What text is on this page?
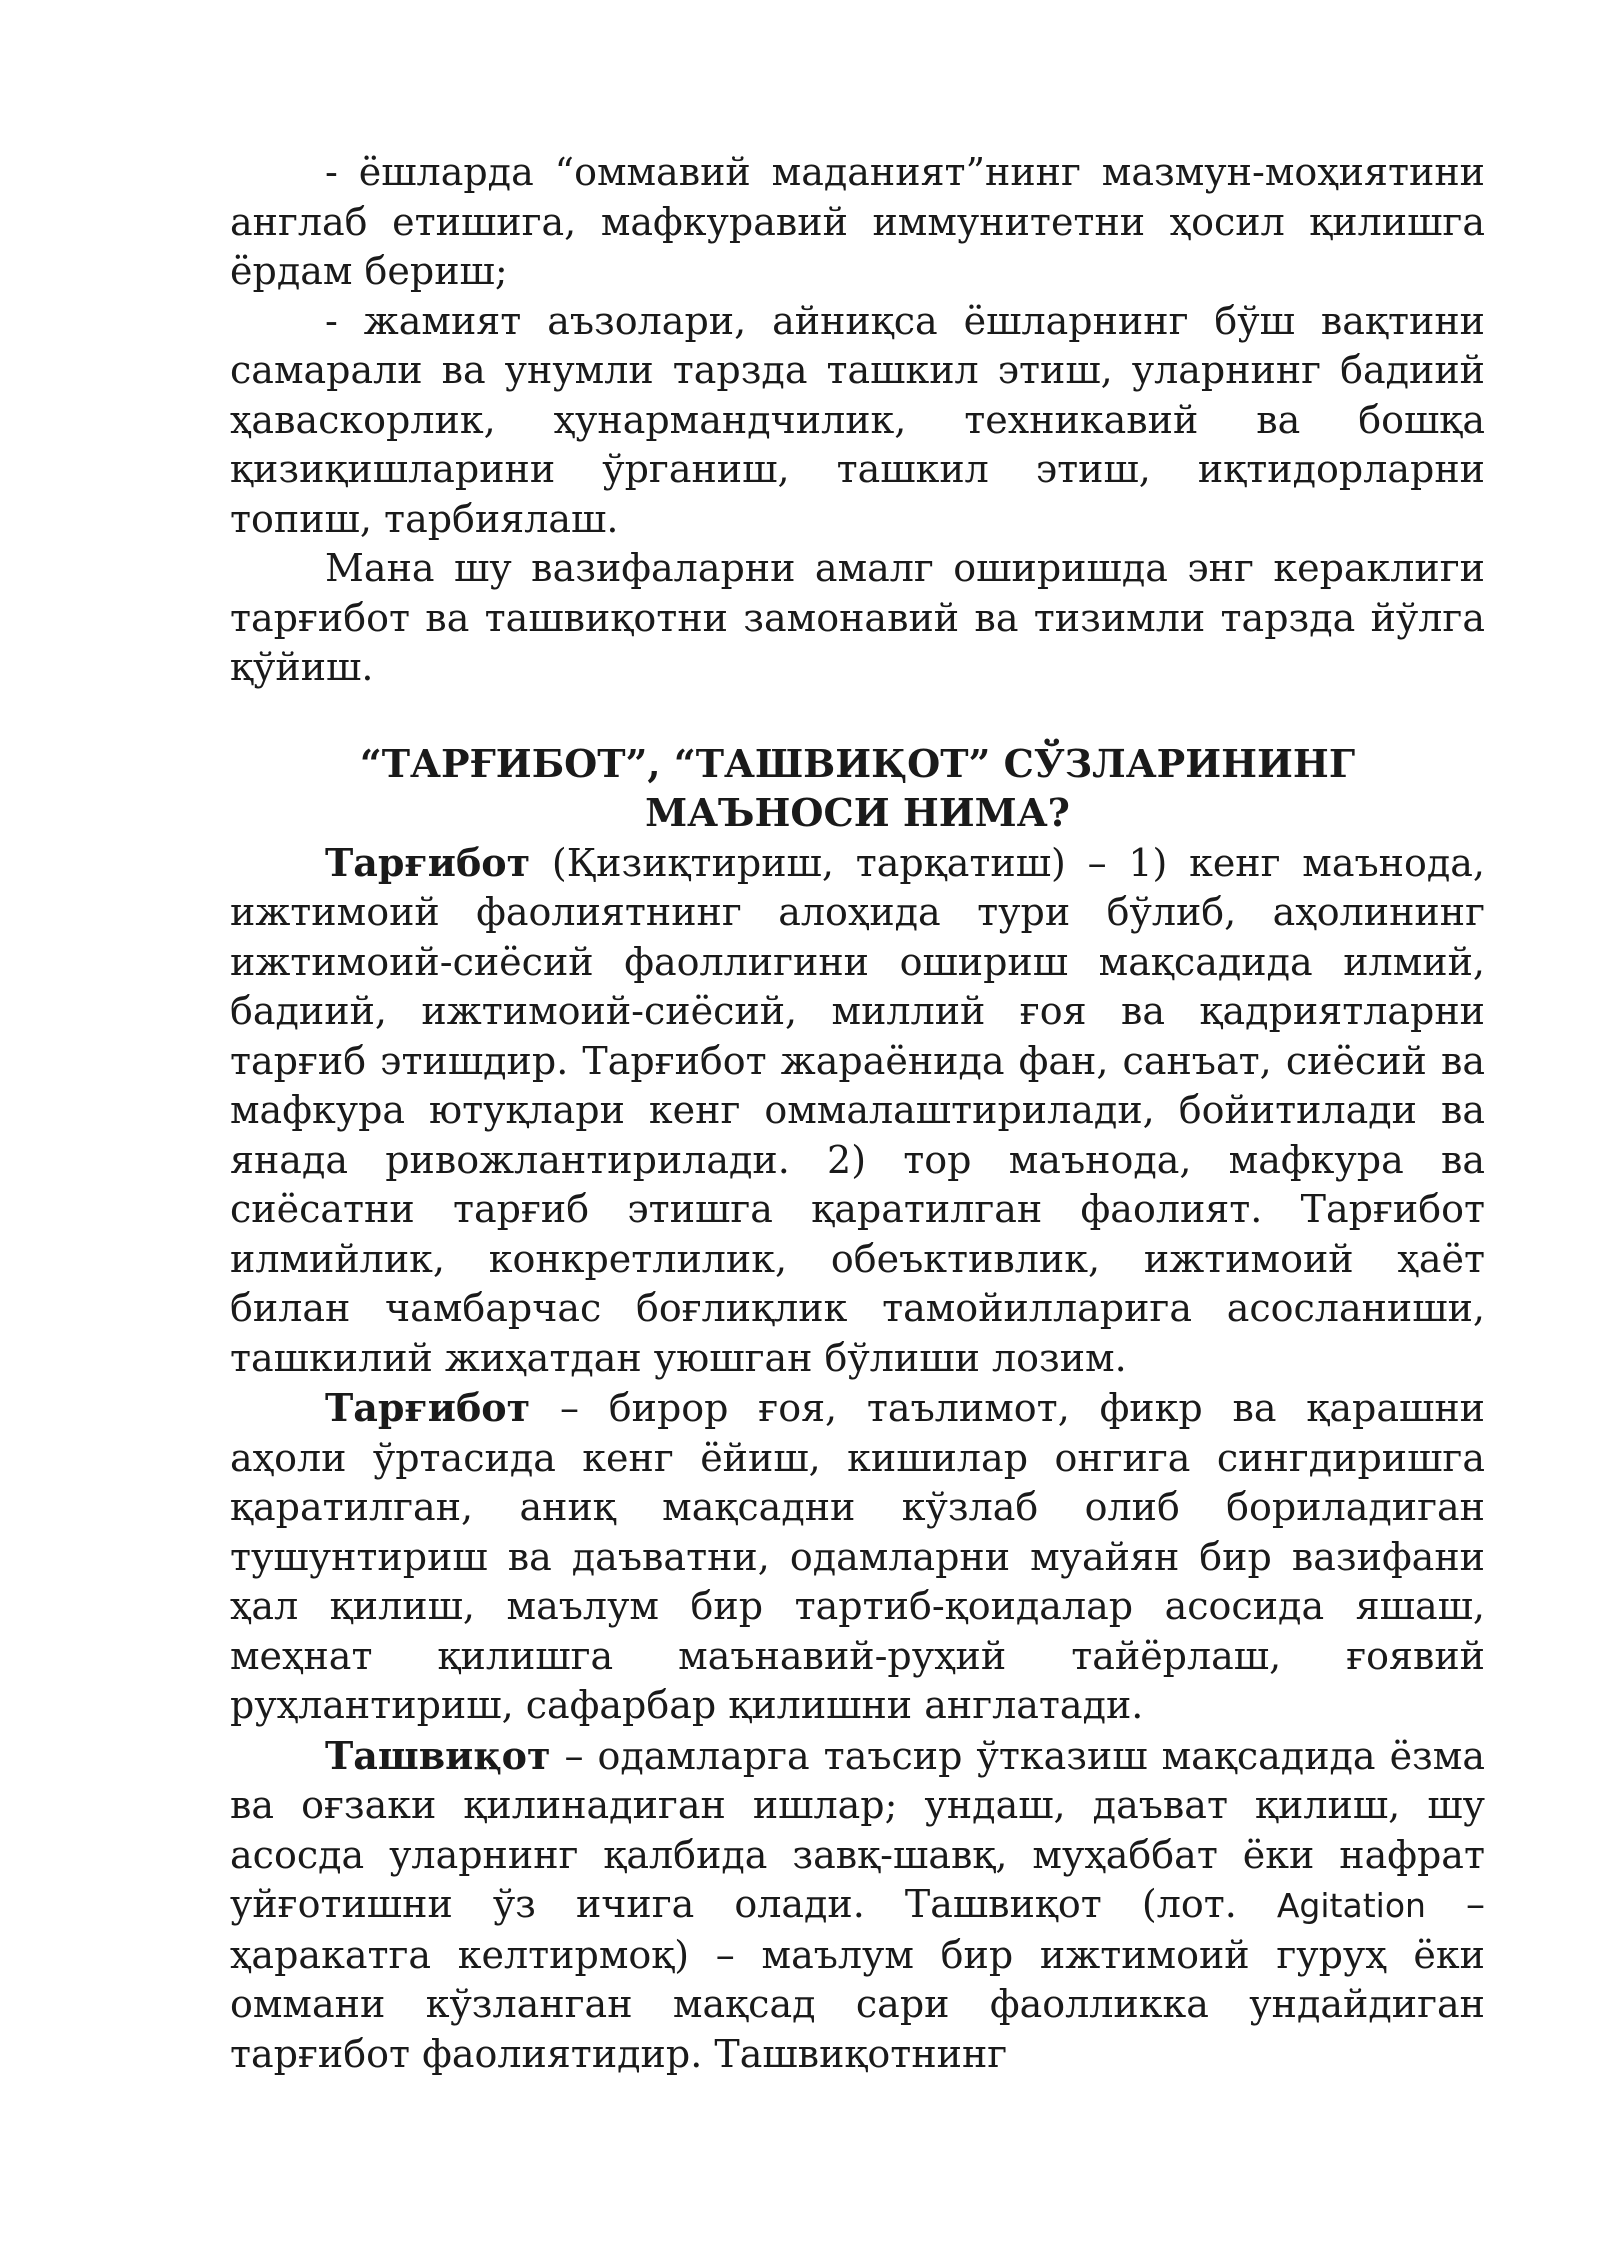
- ёшларда “оммавий маданият”нинг мазмун-моҳиятини англаб етишига, мафкуравий иммунитетни ҳосил қилишга ёрдам бериш;

- жамият аъзолари, айниқса ёшларнинг бўш вақтини самарали ва унумли тарзда ташкил этиш, уларнинг бадиий ҳаваскорлик, ҳунармандчилик, техникавий ва бошқа қизиқишларини ўрганиш, ташкил этиш, иқтидорларни топиш, тарбиялаш.

Мана шу вазифаларни амалг оширишда энг кераклиги тарғибот ва ташвиқотни замонавий ва тизимли тарзда йўлга қўйиш.

“ТАРҒИБОТ”, “ТАШВИҚОТ” СЎЗЛАРИНИНГ
МАЪНОСИ НИМА?

Тарғибот (Қизиқтириш, тарқатиш) – 1) кенг маънода, ижтимоий фаолиятнинг алоҳида тури бўлиб, аҳолининг ижтимоий-сиёсий фаоллигини ошириш мақсадида илмий, бадиий, ижтимоий-сиёсий, миллий ғоя ва қадриятларни тарғиб этишдир. Тарғибот жараёнида фан, санъат, сиёсий ва мафкура ютуқлари кенг оммалаштирилади, бойитилади ва янада ривожлантирилади. 2) тор маънода, мафкура ва сиёсатни тарғиб этишга қаратилган фаолият. Тарғибот илмийлик, конкретлилик, обеъктивлик, ижтимоий ҳаёт билан чамбарчас боғлиқлик тамойилларига асосланиши, ташкилий жиҳатдан уюшган бўлиши лозим.

Тарғибот – бирор ғоя, таълимот, фикр ва қарашни аҳоли ўртасида кенг ёйиш, кишилар онгига сингдиришга қаратилган, аниқ мақсадни кўзлаб олиб бориладиган тушунтириш ва даъватни, одамларни муайян бир вазифани ҳал қилиш, маълум бир тартиб-қоидалар асосида яшаш, меҳнат қилишга маънавий-руҳий тайёрлаш, ғоявий руҳлантириш, сафарбар қилишни англатади.

Ташвиқот – одамларга таъсир ўтказиш мақсадида ёзма ва оғзаки қилинадиган ишлар; ундаш, даъват қилиш, шу асосда уларнинг қалбида завқ-шавқ, муҳаббат ёки нафрат уйғотишни ўз ичига олади. Ташвиқот (лот. Agitation – ҳаракатга келтирмоқ) – маълум бир ижтимоий гуруҳ ёки оммани кўзланган мақсад сари фаолликка ундайдиган тарғибот фаолиятидир. Ташвиқотнинг
